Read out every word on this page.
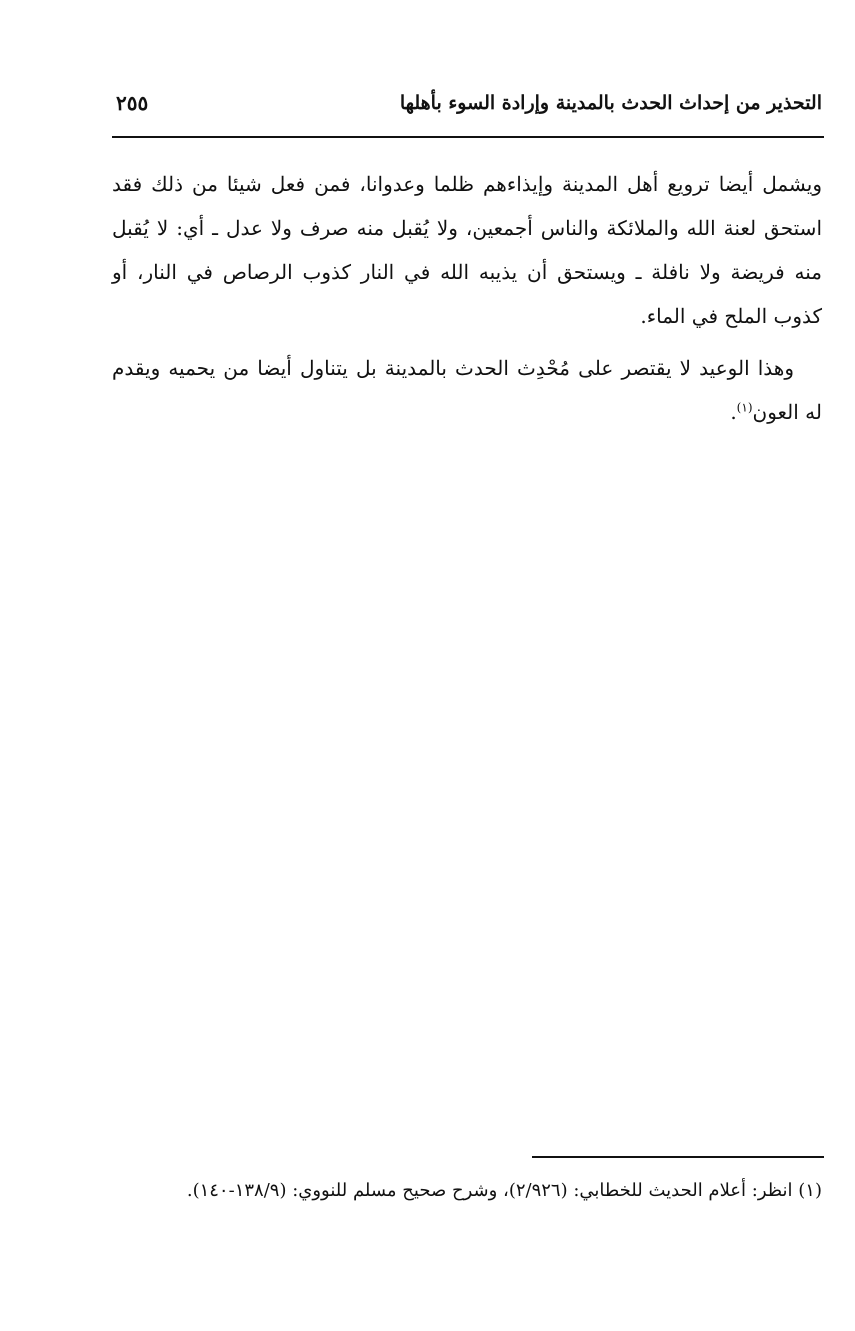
التحذير من إحداث الحدث بالمدينة وإرادة السوء بأهلها
٢٥٥

ويشمل أيضا ترويع أهل المدينة وإيذاءهم ظلما وعدوانا، فمن فعل شيئا من ذلك فقد استحق لعنة الله والملائكة والناس أجمعين، ولا يُقبل منه صرف ولا عدل ـ أي: لا يُقبل منه فريضة ولا نافلة ـ ويستحق أن يذيبه الله في النار كذوب الرصاص في النار، أو كذوب الملح في الماء.

وهذا الوعيد لا يقتصر على مُحْدِث الحدث بالمدينة بل يتناول أيضا من يحميه ويقدم له العون$^{(١)}$.

(١) انظر: أعلام الحديث للخطابي: (٢/٩٢٦)، وشرح صحيح مسلم للنووي: (١٣٨/٩-١٤٠).
